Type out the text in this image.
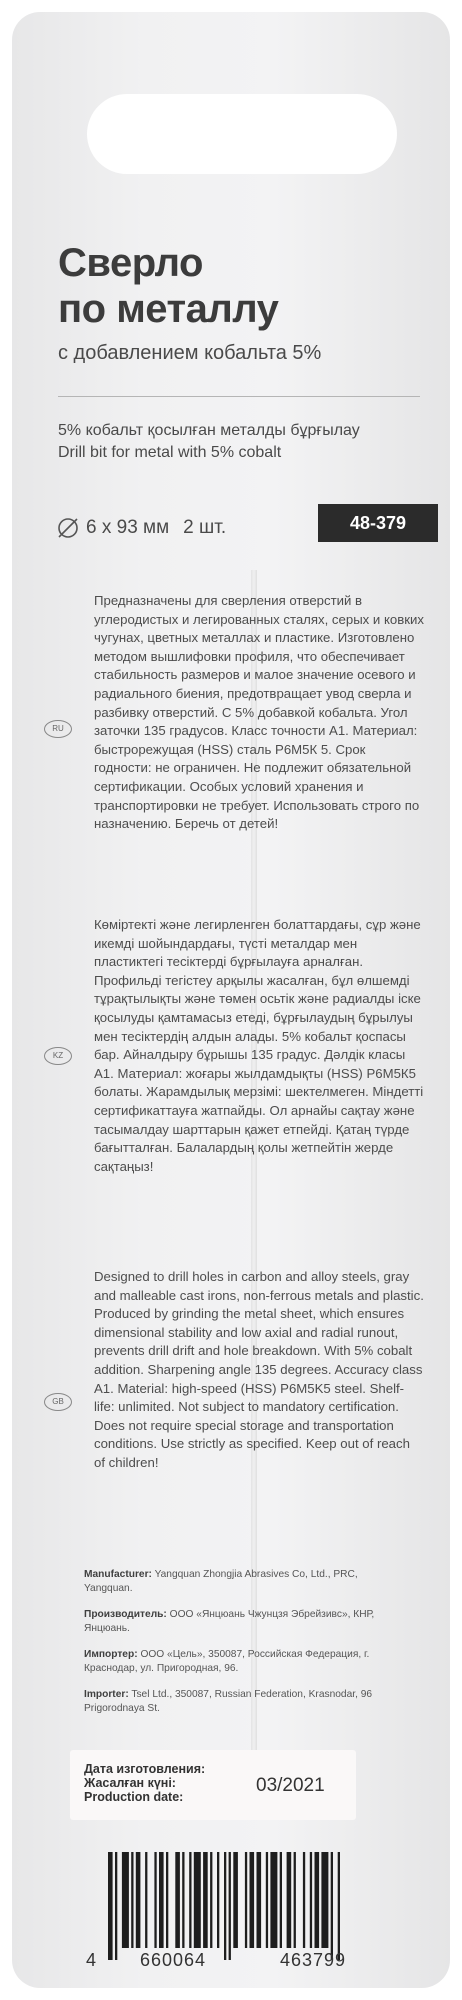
Сверло
по металлу
с добавлением кобальта 5%
5% кобальт қосылған металды бұрғылау
Drill bit for metal with 5% cobalt
6 x 93 мм 2 шт.	48-379
RU

Предназначены для сверления отверстий в углеродистых и легированных сталях, серых и ковких чугунах, цветных металлах и пластике. Изготовлено методом вышлифовки профиля, что обеспечивает стабильность размеров и малое значение осевого и радиального биения, предотвращает увод сверла и разбивку отверстий. С 5% добавкой кобальта. Угол заточки 135 градусов. Класс точности А1. Материал: быстрорежущая (HSS) сталь Р6М5К 5. Срок годности: не ограничен. Не подлежит обязательной сертификации. Особых условий хранения и транспортировки не требует. Использовать строго по назначению. Беречь от детей!

KZ

Көміртекті және легирленген болаттардағы, сұр және икемді шойындардағы, түсті металдар мен пластиктегі тесіктерді бұрғылауға арналған. Профильді тегістеу арқылы жасалған, бұл өлшемді тұрақтылықты және төмен осьтік және радиалды іске қосылуды қамтамасыз етеді, бұрғылаудың бұрылуы мен тесіктердің алдын алады. 5% кобальт қоспасы бар. Айналдыру бұрышы 135 градус. Дәлдік класы А1. Материал: жоғары жылдамдықты (HSS) Р6М5К5 болаты. Жарамдылық мерзімі: шектелмеген. Міндетті сертификаттауға жатпайды. Ол арнайы сақтау және тасымалдау шарттарын қажет етпейді. Қатаң түрде бағытталған. Балалардың қолы жетпейтін жерде сақтаңыз!

GB

Designed to drill holes in carbon and alloy steels, gray and malleable cast irons, non-ferrous metals and plastic. Produced by grinding the metal sheet, which ensures dimensional stability and low axial and radial runout, prevents drill drift and hole breakdown. With 5% cobalt addition. Sharpening angle 135 degrees. Accuracy class A1. Material: high-speed (HSS) P6M5K5 steel. Shelf-life: unlimited. Not subject to mandatory certification. Does not require special storage and transportation conditions. Use strictly as specified. Keep out of reach of children!

Manufacturer: Yangquan Zhongjia Abrasives Co, Ltd., PRC, Yangquan.
Производитель: ООО «Янцюань Чжунцзя Эбрейзивс», КНР, Янцюань.
Импортер: ООО «Цель», 350087, Российская Федерация, г. Краснодар, ул. Пригородная, 96.
Importer: Tsel Ltd., 350087, Russian Federation, Krasnodar, 96 Prigorodnaya St.
Дата изготовления:
Жасалған күні:
Production date:
03/2021
4	660064	463799
